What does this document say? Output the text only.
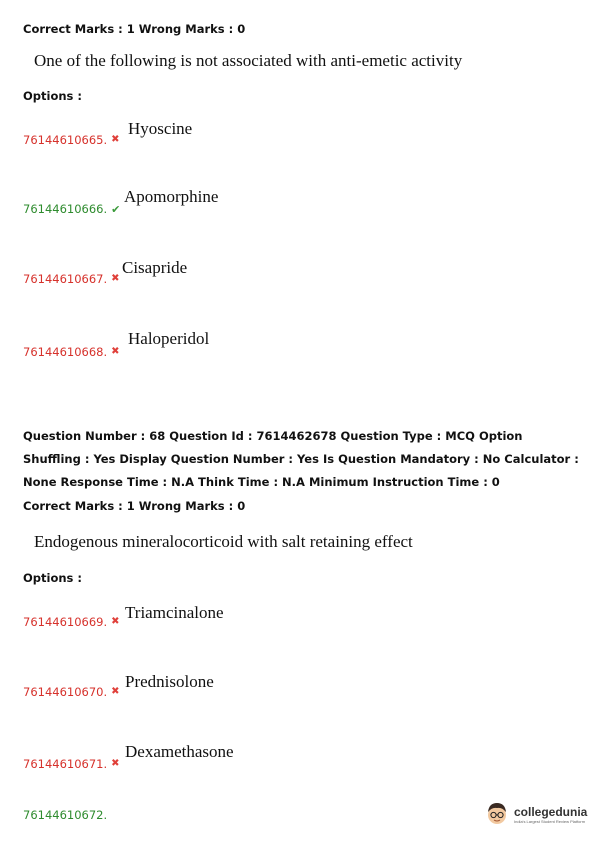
Correct Marks : 1 Wrong Marks : 0
One of the following is not associated with anti-emetic activity
Options :
76144610665. ✖
Hyoscine
76144610666. ✔
Apomorphine
76144610667. ✖
Cisapride
76144610668. ✖
Haloperidol
Question Number : 68 Question Id : 7614462678 Question Type : MCQ Option Shuffling : Yes Display Question Number : Yes Is Question Mandatory : No Calculator : None Response Time : N.A Think Time : N.A Minimum Instruction Time : 0
Correct Marks : 1 Wrong Marks : 0
Endogenous mineralocorticoid with salt retaining effect
Options :
76144610669. ✖ Triamcinalone
76144610670. ✖
Prednisolone
76144610671. ✖
Dexamethasone
76144610672.	collegedunia
India's Largest Student Review Platform
